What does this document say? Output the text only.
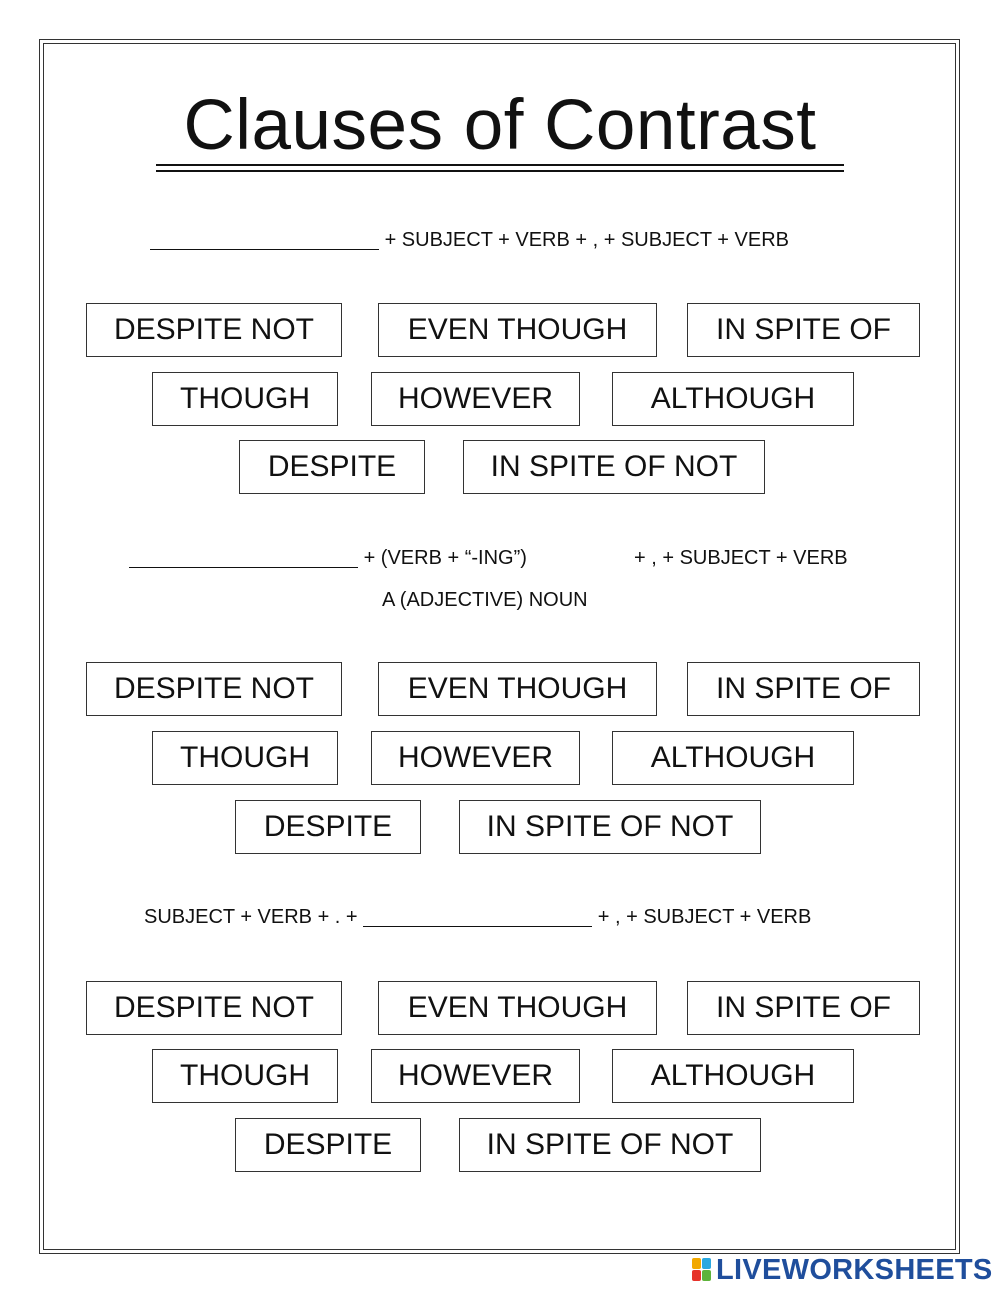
Clauses of Contrast
+ SUBJECT + VERB + , + SUBJECT + VERB
DESPITE NOT	EVEN THOUGH	IN SPITE OF
THOUGH	HOWEVER	ALTHOUGH
DESPITE	IN SPITE OF NOT
+ (VERB + “-ING”)	+ , + SUBJECT + VERB
A (ADJECTIVE) NOUN
DESPITE NOT	EVEN THOUGH	IN SPITE OF
THOUGH	HOWEVER	ALTHOUGH
DESPITE	IN SPITE OF NOT
SUBJECT + VERB + . +	+ , + SUBJECT + VERB
DESPITE NOT	EVEN THOUGH	IN SPITE OF
THOUGH	HOWEVER	ALTHOUGH
DESPITE	IN SPITE OF NOT
LIVEWORKSHEETS
